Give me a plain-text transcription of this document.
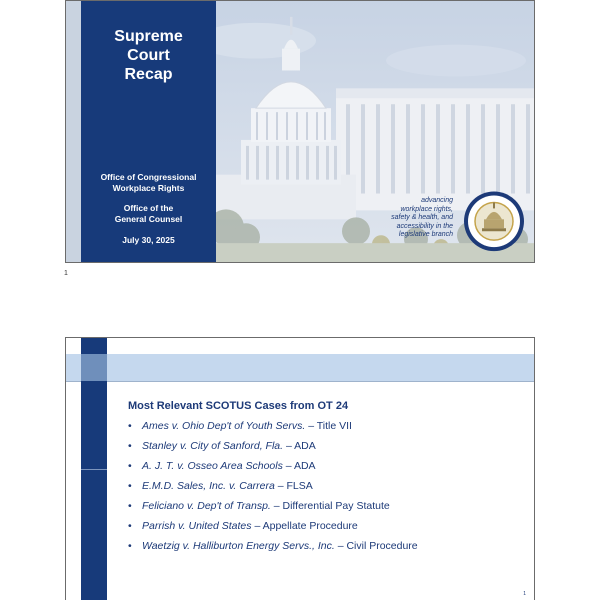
Supreme
Court
Recap
Office of Congressional
Workplace Rights
Office of the
General Counsel
July 30, 2025
advancing
workplace rights,
safety & health, and
accessibility in the
legislative branch
1
Most Relevant SCOTUS Cases from OT 24
• Ames v. Ohio Dep't of Youth Servs. – Title VII
• Stanley v. City of Sanford, Fla. – ADA
• A. J. T. v. Osseo Area Schools – ADA
• E.M.D. Sales, Inc. v. Carrera – FLSA
• Feliciano v. Dep't of Transp. – Differential Pay Statute
• Parrish v. United States – Appellate Procedure
• Waetzig v. Halliburton Energy Servs., Inc. – Civil Procedure
1
